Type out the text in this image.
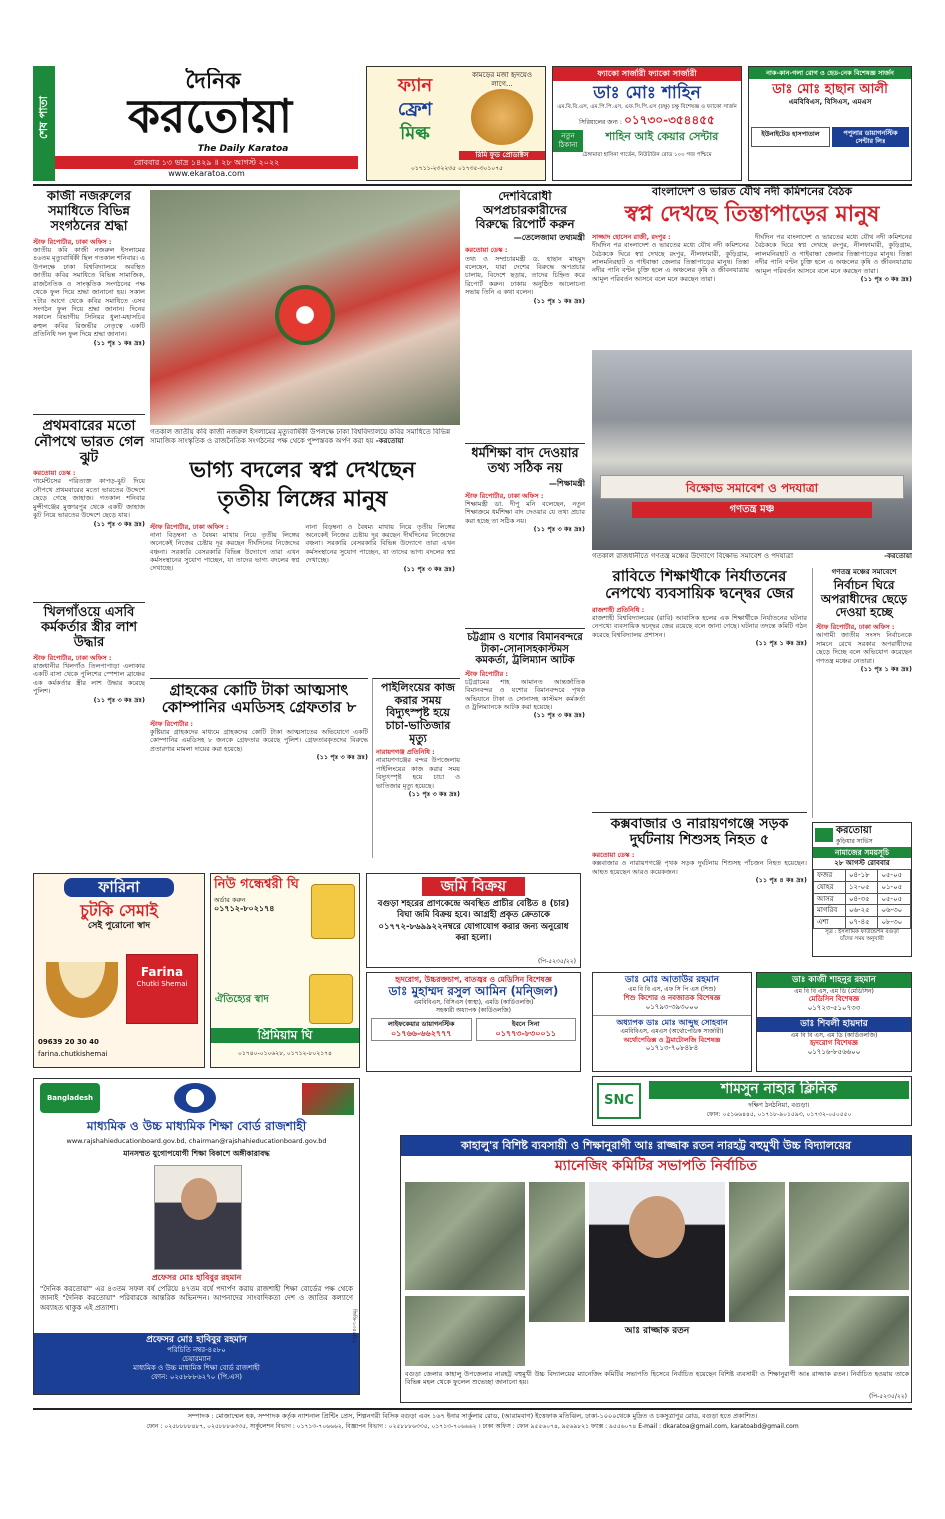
শেষ পাতা
দৈনিক
করতোয়া
The Daily Karatoa
রোববার ১৩ ভাদ্র ১৪২৯ ॥ ২৮ আগস্ট ২০২২
www.ekaratoa.com
ফ্যান
ফ্রেশ
মিল্ক
কামড়ের মজা হৃদয়েও লাগে...
রিমি ফুড প্রোডাক্টস
০১৭১১-২৩২২৩৫ ০১৭৩৫-৩০১০৭৫
ফ্যাকো সার্জারী ফ্যাকো সার্জারী
ডাঃ মোঃ শাহিন
এম.বি.বি.এস, এম.পি.পি.এস, এফ.সি.পি.এস (চক্ষু) চক্ষু বিশেষজ্ঞ ও ফ্যাকো সার্জন
সিরিয়ালের জন্য : ০১৭৩০-৩৫৪৪৫৫
নতুন ঠিকানা
শাহিন আই কেয়ার সেন্টার
ঠেঙ্গামারা হাসিনা গার্ডেন, নিউটাউন রোড ১০০ গজ পশ্চিমে
নাক-কান-গলা রোগ ও হেড-নেক বিশেষজ্ঞ সার্জন
ডাঃ মোঃ হাছান আলী
এমবিবিএস, বিসিএস, এমএস
ইউনাইটেড হাসপাতাল	পপুলার ডায়াগনস্টিক সেন্টার লিঃ
কাজী নজরুলের সমাধিতে বিভিন্ন সংগঠনের শ্রদ্ধা
স্টাফ রিপোর্টার, ঢাকা অফিস :
জাতীয় কবি কাজী নজরুল ইসলামের ৪৬তম মৃত্যুবার্ষিকী ছিল গতকাল শনিবার। এ উপলক্ষে ঢাকা বিশ্ববিদ্যালয়ে অবস্থিত জাতীয় কবির সমাধিতে বিভিন্ন সামাজিক, রাজনৈতিক ও সাংস্কৃতিক সংগঠনের পক্ষ থেকে ফুল দিয়ে শ্রদ্ধা জানানো হয়। সকাল ৭টার আগে থেকে কবির সমাধিতে এসব সংগঠন ফুল দিয়ে শ্রদ্ধা জানান। দিনের সকালে বিভাগীয় সিনিয়র ধুলা-মহাসচিব রুহুল কবির রিজভীর নেতৃত্বে একটি প্রতিনিধি দল ফুল দিয়ে শ্রদ্ধা জানান।
(১১ পৃঃ ১ কঃ দ্রঃ)
প্রথমবারের মতো নৌপথে ভারত গেল ঝুট
করতোয়া ডেস্ক :
গার্মেন্টসের পরিত্যক্ত কাপড়-ঝুট দিয়ে নৌপথে প্রথমবারের মতো ভারতের উদ্দেশে ছেড়ে গেছে জাহাজ। গতকাল শনিবার মুন্সীগঞ্জের মুক্তারপুর থেকে একটি জাহাজ ঝুট নিয়ে ভারতের উদ্দেশে ছেড়ে যায়।
(১১ পৃঃ ৩ কঃ দ্রঃ)
খিলগাঁওয়ে এসবি কর্মকর্তার স্ত্রীর লাশ উদ্ধার
স্টাফ রিপোর্টার, ঢাকা অফিস :
রাজধানীর খিলগাঁও তিলপাপাড়া এলাকার একটি বাসা থেকে পুলিশের স্পেশাল ব্রাঞ্চের এক কর্মকর্তার স্ত্রীর লাশ উদ্ধার করেছে পুলিশ।
(১১ পৃঃ ৩ কঃ দ্রঃ)
গতকাল জাতীয় কবি কাজী নজরুল ইসলামের মৃত্যুবার্ষিকী উপলক্ষে ঢাকা বিশ্ববিদ্যালয়ে কবির সমাধিতে বিভিন্ন সামাজিক সাংস্কৃতিক ও রাজনৈতিক সংগঠনের পক্ষ থেকে পুষ্পস্তবক অর্পণ করা হয় -করতোয়া
ভাগ্য বদলের স্বপ্ন দেখছেন
তৃতীয় লিঙ্গের মানুষ
স্টাফ রিপোর্টার, ঢাকা অফিস :
নানা বিড়ম্বনা ও বৈষম্য মাথায় নিয়ে তৃতীয় লিঙ্গের অনেকেই নিজের চেষ্টায় দূর করছেন দীর্ঘদিনের নিজেদের বঞ্চনা। সরকারি বেসরকারি বিভিন্ন উদ্যোগে তারা এখন কর্মসংস্থানের সুযোগ পাচ্ছেন, যা তাদের ভাগ্য বদলের স্বপ্ন দেখাচ্ছে।
নানা বিড়ম্বনা ও বৈষম্য মাথায় নিয়ে তৃতীয় লিঙ্গের অনেকেই নিজের চেষ্টায় দূর করছেন দীর্ঘদিনের নিজেদের বঞ্চনা। সরকারি বেসরকারি বিভিন্ন উদ্যোগে তারা এখন কর্মসংস্থানের সুযোগ পাচ্ছেন, যা তাদের ভাগ্য বদলের স্বপ্ন দেখাচ্ছে।
(১১ পৃঃ ৩ কঃ দ্রঃ)
গ্রাহকের কোটি টাকা আত্মসাৎ কোম্পানির এমডিসহ গ্রেফতার ৮
স্টাফ রিপোর্টার :
কুষ্টিয়ার গ্রাহকদের মাধ্যমে গ্রাহকদের কোটি টাকা আত্মসাতের অভিযোগে একটি কোম্পানির এমডিসহ ৮ জনকে গ্রেফতার করেছে পুলিশ। গ্রেফতারকৃতদের বিরুদ্ধে প্রতারণার মামলা দায়ের করা হয়েছে।
(১১ পৃঃ ৩ কঃ দ্রঃ)
পাইলিংয়ের কাজ করার সময় বিদ্যুৎস্পৃষ্ট হয়ে চাচা-ভাতিজার মৃত্যু
নারায়ণগঞ্জ প্রতিনিধি :
নারায়ণগঞ্জের বন্দর উপজেলায় পাইলিংয়ের কাজ করার সময় বিদ্যুৎস্পৃষ্ট হয়ে চাচা ও ভাতিজার মৃত্যু হয়েছে।
(১১ পৃঃ ৩ কঃ দ্রঃ)
দেশবিরোধী অপপ্রচারকারীদের বিরুদ্ধে রিপোর্ট করুন
—তেলেজামা তথ্যমন্ত্রী
করতোয়া ডেস্ক :
তথ্য ও সম্প্রচারমন্ত্রী ড. হাছান মাহমুদ বলেছেন, যারা দেশের বিরুদ্ধে অপপ্রচার চালায়, বিদেশে ছড়ায়, তাদের চিহ্নিত করে রিপোর্ট করুন। ঢাকায় অনুষ্ঠিত আলোচনা সভায় তিনি এ কথা বলেন।
(১১ পৃঃ ১ কঃ দ্রঃ)
ধর্মশিক্ষা বাদ দেওয়ার তথ্য সঠিক নয়
—শিক্ষামন্ত্রী
স্টাফ রিপোর্টার, ঢাকা অফিস :
শিক্ষামন্ত্রী ডা. দীপু মনি বলেছেন, নতুন শিক্ষাক্রমে ধর্মশিক্ষা বাদ দেওয়ার যে তথ্য প্রচার করা হচ্ছে তা সঠিক নয়।
(১১ পৃঃ ৩ কঃ দ্রঃ)
চট্টগ্রাম ও যশোর বিমানবন্দরে টাকা-সোনাসহকাস্টমস কমকর্তা, ট্রলিম্যান আটক
স্টাফ রিপোর্টার :
চট্টগ্রামের শাহ আমানত আন্তর্জাতিক বিমানবন্দর ও যশোর বিমানবন্দরে পৃথক অভিযানে টাকা ও সোনাসহ কাস্টমস কর্মকর্তা ও ট্রলিম্যানকে আটক করা হয়েছে।
(১১ পৃঃ ৩ কঃ দ্রঃ)
বাংলাদেশ ও ভারত যৌথ নদী কমিশনের বৈঠক
স্বপ্ন দেখছে তিস্তাপাড়ের মানুষ
সাজ্জাদ হোসেন রাজী, রংপুর :
দীর্ঘদিন পর বাংলাদেশ ও ভারতের মধ্যে যৌথ নদী কমিশনের বৈঠককে ঘিরে স্বপ্ন দেখছে রংপুর, নীলফামারী, কুড়িগ্রাম, লালমনিরহাট ও গাইবান্ধা জেলার তিস্তাপাড়ের মানুষ। তিস্তা নদীর পানি বণ্টন চুক্তি হলে এ অঞ্চলের কৃষি ও জীবনযাত্রায় আমূল পরিবর্তন আসবে বলে মনে করছেন তারা।
দীর্ঘদিন পর বাংলাদেশ ও ভারতের মধ্যে যৌথ নদী কমিশনের বৈঠককে ঘিরে স্বপ্ন দেখছে রংপুর, নীলফামারী, কুড়িগ্রাম, লালমনিরহাট ও গাইবান্ধা জেলার তিস্তাপাড়ের মানুষ। তিস্তা নদীর পানি বণ্টন চুক্তি হলে এ অঞ্চলের কৃষি ও জীবনযাত্রায় আমূল পরিবর্তন আসবে বলে মনে করছেন তারা।
(১১ পৃঃ ৩ কঃ দ্রঃ)
বিক্ষোভ সমাবেশ ও পদযাত্রা
গণতন্ত্র মঞ্চ
গতকাল রাজধানীতে গণতন্ত্র মঞ্চের উদ্যোগে বিক্ষোভ সমাবেশ ও পদযাত্রা	-করতোয়া
রাবিতে শিক্ষার্থীকে নির্যাতনের নেপথ্যে ব্যবসায়িক দ্বন্দ্বের জের
রাজশাহী প্রতিনিধি :
রাজশাহী বিশ্ববিদ্যালয়ের (রাবি) আবাসিক হলের এক শিক্ষার্থীকে নির্যাতনের ঘটনার নেপথ্যে ব্যবসায়িক দ্বন্দ্বের জের রয়েছে বলে জানা গেছে। ঘটনার তদন্তে কমিটি গঠন করেছে বিশ্ববিদ্যালয় প্রশাসন।
(১১ পৃঃ ১ কঃ দ্রঃ)
গণতন্ত্র মঞ্চের সমাবেশে
নির্বাচন ঘিরে অপরাধীদের ছেড়ে দেওয়া হচ্ছে
স্টাফ রিপোর্টার, ঢাকা অফিস :
আগামী জাতীয় সংসদ নির্বাচনকে সামনে রেখে সরকার অপরাধীদের ছেড়ে দিচ্ছে বলে অভিযোগ করেছেন গণতন্ত্র মঞ্চের নেতারা।
(১১ পৃঃ ১ কঃ দ্রঃ)
কক্সবাজার ও নারায়ণগঞ্জে সড়ক দুর্ঘটনায় শিশুসহ নিহত ৫
করতোয়া ডেস্ক :
কক্সবাজার ও নারায়ণগঞ্জে পৃথক সড়ক দুর্ঘটনায় শিশুসহ পাঁচজন নিহত হয়েছেন। আহত হয়েছেন আরও কয়েকজন।
(১১ পৃঃ ৪ কঃ দ্রঃ)
করতোয়া
কুড়িয়ার সার্ভিস
নামাজের সময়সূচি
২৮ আগস্ট রোববার
ফজর	০৪-১৮	০৫-০৫
যোহর	১২-০৫	০১-০৫
আসর	০৪-৩৫	০৫-০৫
মাগরিব	০৬-২৫	০৬-৩০
এশা	০৭-৪৫	০৮-৩০
সূত্র : ইসলামিক ফাউন্ডেশন বগুড়া
চাঁদের সময় অনুযায়ী
ফারিনা
চুটকি সেমাই
সেই পুরোনো স্বাদ
Farina
Chutki Shemai
09639 20 30 40
farina.chutkishemai
নিউ গন্ধেশ্বরী ঘি
অর্ডার করুন
০১৭১২-৮০২১৭৪
ঐতিহ্যের স্বাদ
প্রিমিয়াম ঘি
০১৭৪০-০১০৬২৮, ০১৭১২-৮০২১৭৪
জমি বিক্রয়
বগুড়া শহরের প্রাণকেন্দ্রে অবস্থিত প্রাচীর বেষ্টিত ৪ (চার) বিঘা জমি বিক্রয় হবে। আগ্রহী প্রকৃত ক্রেতাকে ০১৭৭২-৮৬৯৯২২নম্বরে যোগাযোগ করার জন্য অনুরোধ করা হলো।
(পি-৫২৩৫/২২)
হৃদরোগ, উচ্চরক্তচাপ, বাতজ্বর ও মেডিসিন বিশেষজ্ঞ
ডাঃ মুহাম্মদ রসুল আমিন (মন্জিল)
এমবিবিএস, বিসিএস (স্বাস্থ্য), এমডি (কার্ডিওলজি)
সহকারী অধ্যাপক (কার্ডিওলজি)
লাইফকেয়ার ডায়াগনস্টিক
০১৭৬৬-৬৬২৭৭৭
ইবনে সিনা
০১৭৭৩-৮৩০০১১
ডাঃ মোঃ আতাউর রহমান
এম বি বি এস, এফ সি পি এস (শিশু)
শিশু কিশোর ও নবজাতক বিশেষজ্ঞ
০১৭৯৩-৩৯৩০০০
অধ্যাপক ডাঃ মোঃ আব্দুছ সোহবান
এমবিবিএস, এমএস (অর্থোপেডিক সার্জারী)
অর্থোপেডিক্স ও ট্রমাটোলজি বিশেষজ্ঞ
০১৭১৩-৭০৮৪৮৪
ডাঃ কাজী শাহনুর রহমান
এম বি বি এস, এম ডি (মেডিসিন)
মেডিসিন বিশেষজ্ঞ
০১৭২৩-৫১০৭৩৩
ডাঃ শিবলী হায়দার
এম বি বি এস, এম ডি (কার্ডিওলজি)
হৃদরোগ বিশেষজ্ঞ
০১৭১৬-৮৫৬৬০০
SNC
শামসুন নাহার ক্লিনিক
দক্ষিণ ঠনঠনিয়া, বগুড়া।
ফোন: ০৫১৬৬৪৪৫, ০১৭১৮-৯০১৫৯৩, ০১৭৩২-০৫০৫৫০
Bangladesh
মাধ্যমিক ও উচ্চ মাধ্যমিক শিক্ষা বোর্ড রাজশাহী
www.rajshahieducationboard.gov.bd, chairman@rajshahieducationboard.gov.bd
মানসম্মত যুগোপযোগী শিক্ষা বিকাশে অঙ্গীকারাবদ্ধ
প্রফেসর মোঃ হাবিবুর রহমান
"দৈনিক করতোয়া" এর ৪৩তম সফল বর্ষ পেরিয়ে ৪৭তম বর্ষে পদার্পণ করায় রাজশাহী শিক্ষা বোর্ডের পক্ষ থেকে জানাই "দৈনিক করতোয়া" পরিবারকে আন্তরিক অভিনন্দন। আপনাদের সাংবাদিকতা দেশ ও জাতির কল্যাণে অব্যাহত থাকুক এই প্রত্যাশা।
প্রফেসর মোঃ হাবিবুর রহমান
পরিচিতি নম্বর-৪৫৮০
চেয়ারম্যান
মাধ্যমিক ও উচ্চ মাধ্যমিক শিক্ষা বোর্ড রাজশাহী
ফোন: ০২৫৮৮৮৬২৭০ (পি.এস)
জিডি-১৩৫৫/২২
কাহালু'র বিশিষ্ট ব্যবসায়ী ও শিক্ষানুরাগী আঃ রাজ্জাক রতন নারহট্ট বহুমুখী উচ্চ বিদ্যালয়ের
ম্যানেজিং কমিটির সভাপতি নির্বাচিত
আঃ রাজ্জাক রতন
বগুড়া জেলার কাহালু উপজেলার নারহট্ট বহুমুখী উচ্চ বিদ্যালয়ের ম্যানেজিং কমিটির সভাপতি হিসেবে নির্বাচিত হয়েছেন বিশিষ্ট ব্যবসায়ী ও শিক্ষানুরাগী আঃ রাজ্জাক রতন। নির্বাচিত হওয়ায় তাকে বিভিন্ন মহল থেকে ফুলেল শুভেচ্ছা জানানো হয়।
(পি-৫২৩৫/২২)
সম্পাদক : মোজাম্মেল হক, সম্পাদক কর্তৃক ন্যাশনাল প্রিন্টিং প্রেস, শিল্পনগরী বিসিক বগুড়া এবং ১৬৭ ইনার সার্কুলার রোড, (আরামবাগ) ইত্তেফাক মতিঝিল, ঢাকা-১০০০থেকে মুদ্রিত ও চকসুত্রাপুর রোড, বগুড়া হতে প্রকাশিত।
ফোন : ০২৫৮৮৮৮৪৮৭, ০২৫৮৮৮৬৩৩৫, সার্কুলেশন বিভাগ : ০১৭১৩-৭০৬৬৬২, বিজ্ঞাপন বিভাগ : ০২৫৮৮৮৬৩৩৫, ০১৭১৩-৭০৬৬৬২ । ঢাকা অফিস : ফোন ৯৫৫৬০৭৪, ৯৫৬৯৮২১ ফ্যাক্স : ৯৫৫৬০৭৪ E-mail : dkaratoa@gmail.com, karatoabd@gmail.com
